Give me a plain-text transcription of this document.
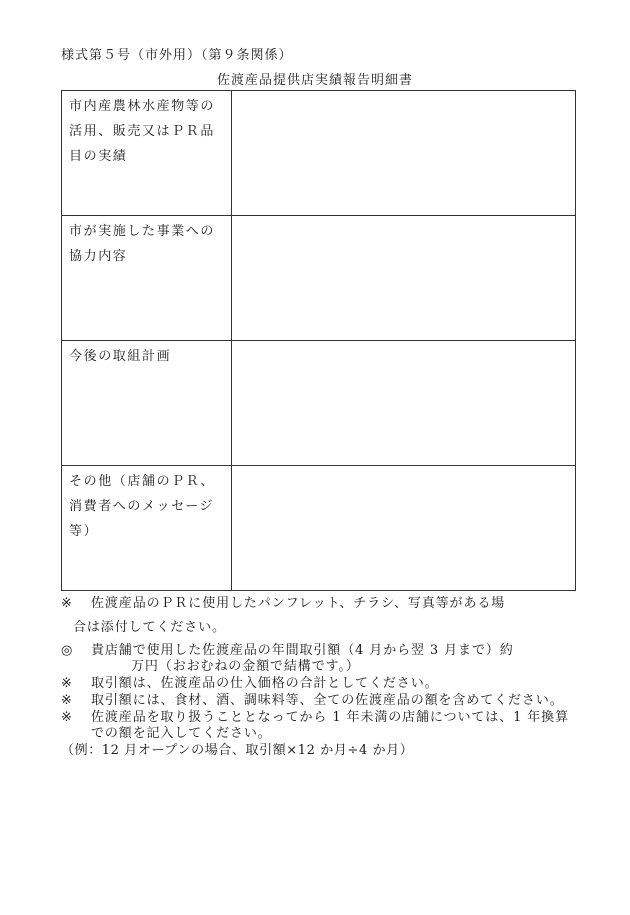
様式第５号（市外用）（第９条関係）
佐渡産品提供店実績報告明細書
市内産農林水産物等の活用、販売又はＰＲ品目の実績	

市が実施した事業への協力内容	

今後の取組計画	

その他（店舗のＰＲ、消費者へのメッセージ等）	

※ 佐渡産品のＰＲに使用したパンフレット、チラシ、写真等がある場
合は添付してください。
◎ 貴店舗で使用した佐渡産品の年間取引額（4 月から翌 3 月まで）約
万円（おおむねの金額で結構です。）
※ 取引額は、佐渡産品の仕入価格の合計としてください。
※ 取引額には、食材、酒、調味料等、全ての佐渡産品の額を含めてください。
※ 佐渡産品を取り扱うこととなってから 1 年未満の店舗については、1 年換算での額を記入してください。
（例：12 月オープンの場合、取引額×12 か月÷4 か月）
